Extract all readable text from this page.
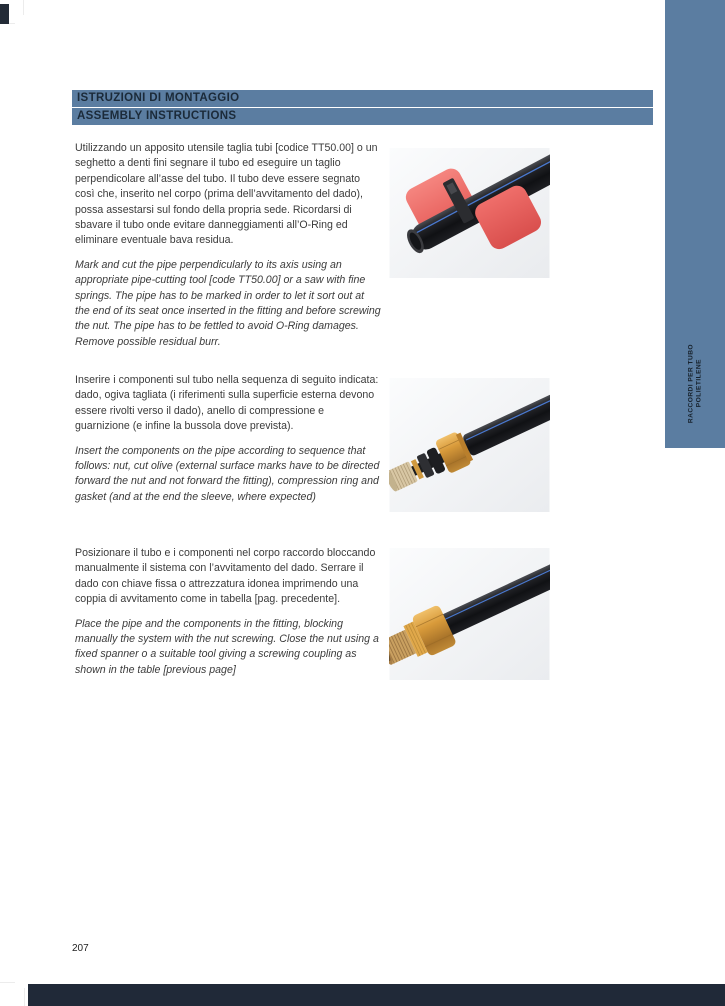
RACCORDI PER TUBO POLIETILENE
ISTRUZIONI DI MONTAGGIO
ASSEMBLY INSTRUCTIONS

Utilizzando un apposito utensile taglia tubi [codice TT50.00] o un seghetto a denti fini segnare il tubo ed eseguire un taglio perpendicolare all’asse del tubo. Il tubo deve essere segnato così che, inserito nel corpo (prima dell’avvitamento del dado), possa assestarsi sul fondo della propria sede. Ricordarsi di sbavare il tubo onde evitare danneggiamenti all’O-Ring ed eliminare eventuale bava residua.

Mark and cut the pipe perpendicularly to its axis using an appropriate pipe-cutting tool [code TT50.00] or a saw with fine springs. The pipe has to be marked in order to let it sort out at the end of its seat once inserted in the fitting and before screwing the nut. The pipe has to be fettled to avoid O-Ring damages. Remove possible residual burr.

Inserire i componenti sul tubo nella sequenza di seguito indicata: dado, ogiva tagliata (i riferimenti sulla superficie esterna devono essere rivolti verso il dado), anello di compressione e guarnizione (e infine la bussola dove prevista).

Insert the components on the pipe according to sequence that follows: nut, cut olive (external surface marks have to be directed forward the nut and not forward the fitting), compression ring and gasket (and at the end the sleeve, where expected)

Posizionare il tubo e i componenti nel corpo raccordo bloccando manualmente il sistema con l’avvitamento del dado. Serrare il dado con chiave fissa o attrezzatura idonea imprimendo una coppia di avvitamento come in tabella [pag. precedente].

Place the pipe and the components in the fitting, blocking manually the system with the nut screwing. Close the nut using a fixed spanner o a suitable tool giving a screwing coupling as shown in the table [previous page]

207
